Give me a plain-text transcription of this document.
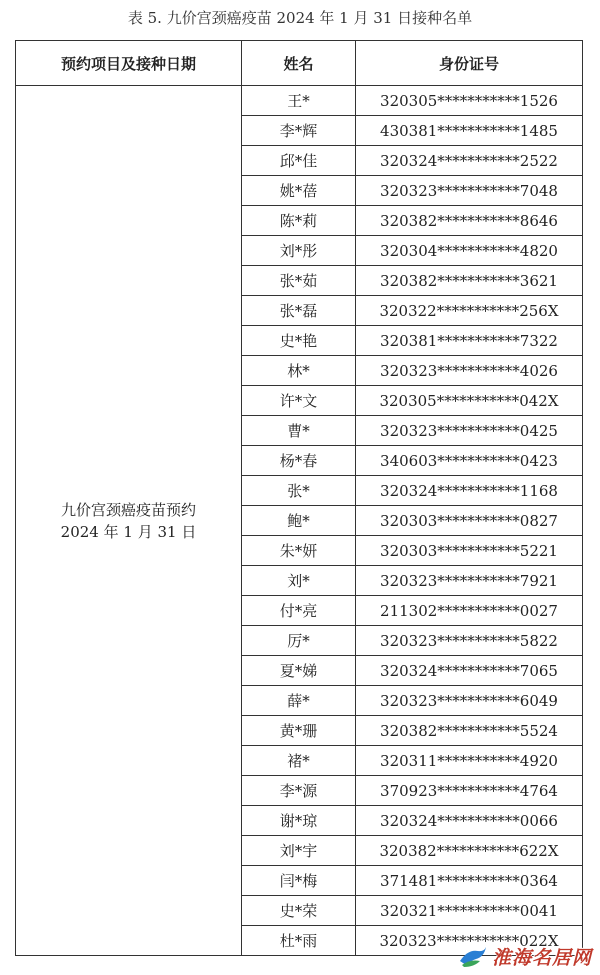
表 5. 九价宫颈癌疫苗 2024 年 1 月 31 日接种名单
预约项目及接种日期	姓名	身份证号

九价宫颈癌疫苗预约
2024 年 1 月 31 日	王*	320305***********1526
	李*辉	430381***********1485
	邱*佳	320324***********2522
	姚*蓓	320323***********7048
	陈*莉	320382***********8646
	刘*彤	320304***********4820
	张*茹	320382***********3621
	张*磊	320322***********256X
	史*艳	320381***********7322
	林*	320323***********4026
	许*文	320305***********042X
	曹*	320323***********0425
	杨*春	340603***********0423
	张*	320324***********1168
	鲍*	320303***********0827
	朱*妍	320303***********5221
	刘*	320323***********7921
	付*亮	211302***********0027
	厉*	320323***********5822
	夏*娣	320324***********7065
	薛*	320323***********6049
	黄*珊	320382***********5524
	褚*	320311***********4920
	李*源	370923***********4764
	谢*琼	320324***********0066
	刘*宇	320382***********622X
	闫*梅	371481***********0364
	史*荣	320321***********0041
	杜*雨	320323***********022X
淮海名居网
